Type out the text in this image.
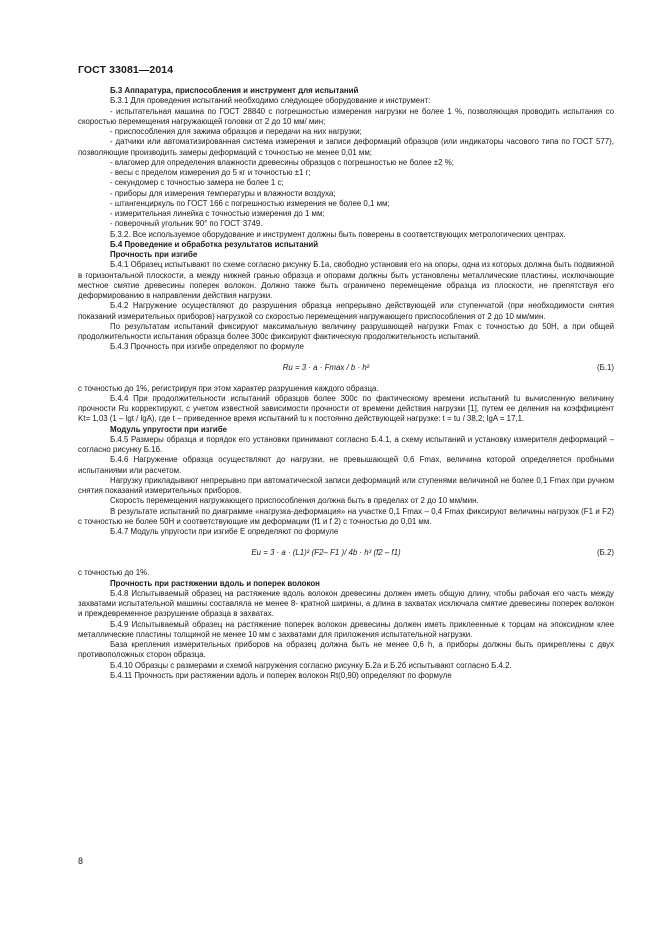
ГОСТ 33081—2014

Б.3 Аппаратура, приспособления и инструмент для испытаний

Б.3.1 Для проведения испытаний необходимо следующее оборудование и инструмент:

- испытательная машина по ГОСТ 28840 с погрешностью измерения нагрузки не более 1 %, позволяющая проводить испытания со скоростью перемещения нагружающей головки от 2 до 10 мм/ мин;

- приспособления для зажима образцов и передачи на них нагрузки;

- датчики или автоматизированная система измерения и записи деформаций образцов (или индикаторы часового типа по ГОСТ 577), позволяющие производить замеры деформаций с точностью не менее 0,01 мм;

- влагомер для определения влажности древесины образцов с погрешностью не более ±2 %;

- весы с пределом измерения до 5 кг и точностью ±1 г;

- секундомер с точностью замера не более 1 с;

- приборы для измерения температуры и влажности воздуха;

- штангенциркуль по ГОСТ 166 с погрешностью измерения не более 0,1 мм;

- измерительная линейка с точностью измерения до 1 мм;

- поверочный угольник 90° по ГОСТ 3749.

Б.3.2. Все используемое оборудование и инструмент должны быть поверены в соответствующих метрологических центрах.

Б.4 Проведение и обработка результатов испытаний

Прочность при изгибе

Б.4.1 Образец испытывают по схеме согласно рисунку Б.1а, свободно установив его на опоры, одна из которых должна быть подвижной в горизонтальной плоскости, а между нижней гранью образца и опорами должны быть установлены металлические пластины, исключающие местное смятие древесины поперек волокон. Должно также быть ограничено перемещение образца из плоскости, не препятствуя его деформированию в направлении действия нагрузки.

Б.4.2 Нагружение осуществляют до разрушения образца непрерывно действующей или ступенчатой (при необходимости снятия показаний измерительных приборов) нагрузкой со скоростью перемещения нагружающего приспособления от 2 до 10 мм/мин.

По результатам испытаний фиксируют максимальную величину разрушающей нагрузки Fmax с точностью до 50Н, а при общей продолжительности испытания образца более 300с фиксируют фактическую продолжительность испытаний.

Б.4.3 Прочность при изгибе определяют по формуле

Ru = 3 · a · Fmax / b · h²	(Б.1)

с точностью до 1%, регистрируя при этом характер разрушения каждого образца.

Б.4.4 При продолжительности испытаний образцов более 300с по фактическому времени испытаний tu вычисленную величину прочности Ru корректируют, с учетом известной зависимости прочности от времени действия нагрузки [1], путем ее деления на коэффициент Kt= 1,03 (1 – lgt / lgA), где t – приведенное время испытаний tu к постоянно действующей нагрузке: t = tu / 38,2; lgA = 17,1.

Модуль упругости при изгибе

Б.4.5 Размеры образца и порядок его установки принимают согласно Б.4.1, а схему испытаний и установку измерителя деформаций – согласно рисунку Б.1б.

Б.4.6 Нагружение образца осуществляют до нагрузки, не превышающей 0,6 Fmax, величина которой определяется пробными испытаниями или расчетом.

Нагрузку прикладывают непрерывно при автоматической записи деформаций или ступенями величиной не более 0,1 Fmax при ручном снятия показаний измерительных приборов.

Скорость перемещения нагружающего приспособления должна быть в пределах от 2 до 10 мм/мин.

В результате испытаний по диаграмме «нагрузка-деформация» на участке 0,1 Fmax – 0,4 Fmax фиксируют величины нагрузок (F1 и F2) с точностью не более 50Н и соответствующие им деформации (f1 и f 2) с точностью до 0,01 мм.

Б.4.7 Модуль упругости при изгибе E определяют по формуле

Eu = 3 · a · (L1)² (F2– F1 )/ 4b · h³ (f2 – f1)	(Б.2)

с точностью до 1%.

Прочность при растяжении вдоль и поперек волокон

Б.4.8 Испытываемый образец на растяжение вдоль волокон древесины должен иметь общую длину, чтобы рабочая его часть между захватами испытательной машины составляла не менее 8- кратной ширины, а длина в захватах исключала смятие древесины поперек волокон и преждевременное разрушение образца в захватах.

Б.4.9 Испытываемый образец на растяжение поперек волокон древесины должен иметь приклеенные к торцам на эпоксидном клее металлические пластины толщиной не менее 10 мм с захватами для приложения испытательной нагрузки.

База крепления измерительных приборов на образец должна быть не менее 0,6 h, а приборы должны быть прикреплены с двух противоположных сторон образца.

Б.4.10 Образцы с размерами и схемой нагружения согласно рисунку Б.2а и Б.2б испытывают согласно Б.4.2.

Б.4.11 Прочность при растяжении вдоль и поперек волокон Rt(0,90) определяют по формуле

8
